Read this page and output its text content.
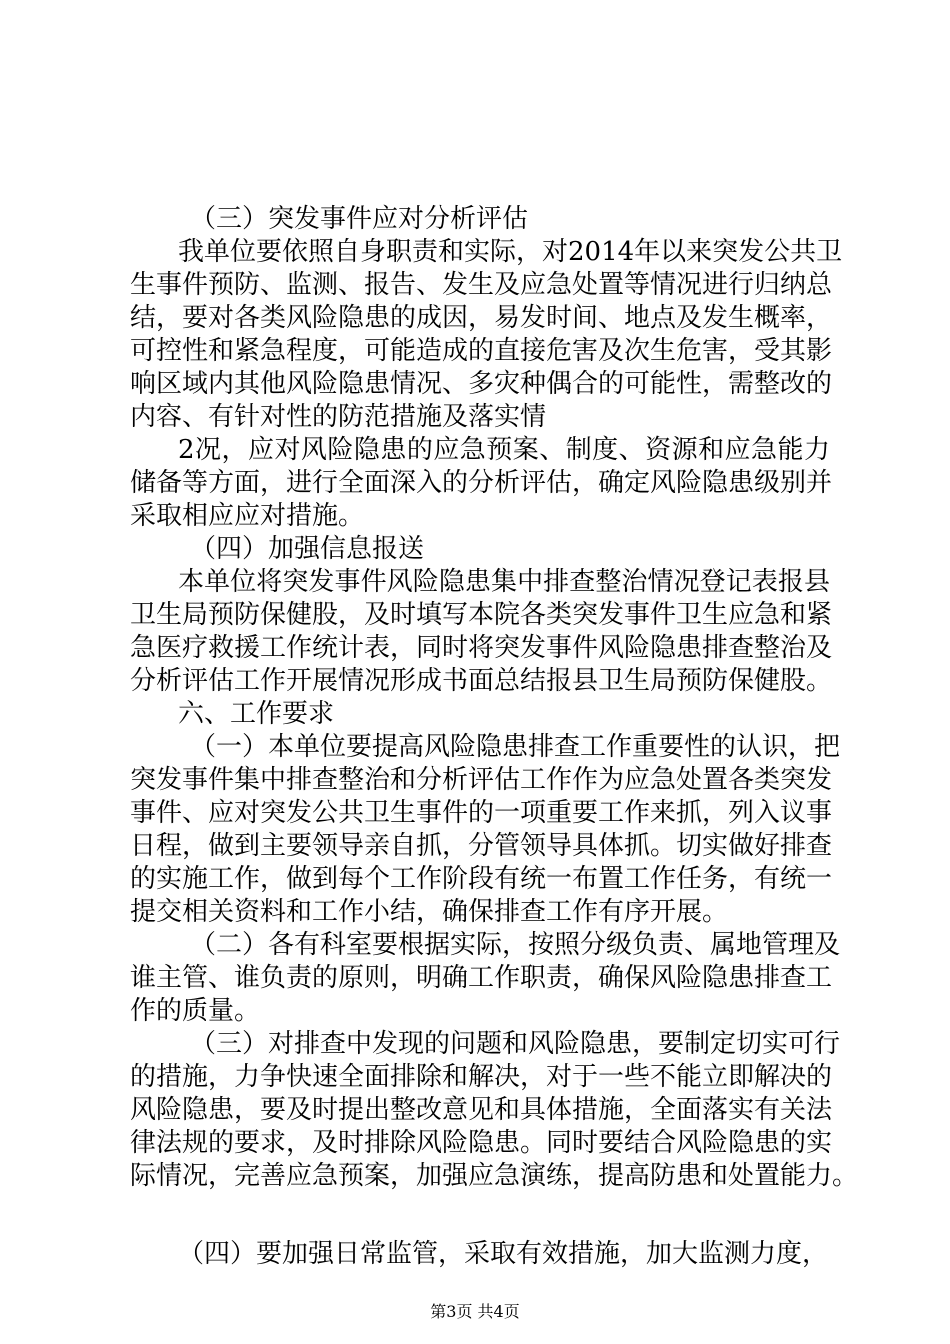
（三）突发事件应对分析评估
我单位要依照自身职责和实际，对2014年以来突发公共卫
生事件预防、监测、报告、发生及应急处置等情况进行归纳总
结，要对各类风险隐患的成因，易发时间、地点及发生概率，
可控性和紧急程度，可能造成的直接危害及次生危害，受其影
响区域内其他风险隐患情况、多灾种偶合的可能性，需整改的
内容、有针对性的防范措施及落实情
2况，应对风险隐患的应急预案、制度、资源和应急能力
储备等方面，进行全面深入的分析评估，确定风险隐患级别并
采取相应应对措施。
（四）加强信息报送
本单位将突发事件风险隐患集中排查整治情况登记表报县
卫生局预防保健股，及时填写本院各类突发事件卫生应急和紧
急医疗救援工作统计表，同时将突发事件风险隐患排查整治及
分析评估工作开展情况形成书面总结报县卫生局预防保健股。
六、工作要求
（一）本单位要提高风险隐患排查工作重要性的认识，把
突发事件集中排查整治和分析评估工作作为应急处置各类突发
事件、应对突发公共卫生事件的一项重要工作来抓，列入议事
日程，做到主要领导亲自抓，分管领导具体抓。切实做好排查
的实施工作，做到每个工作阶段有统一布置工作任务，有统一
提交相关资料和工作小结，确保排查工作有序开展。
（二）各有科室要根据实际，按照分级负责、属地管理及
谁主管、谁负责的原则，明确工作职责，确保风险隐患排查工
作的质量。
（三）对排查中发现的问题和风险隐患，要制定切实可行
的措施，力争快速全面排除和解决，对于一些不能立即解决的
风险隐患，要及时提出整改意见和具体措施，全面落实有关法
律法规的要求，及时排除风险隐患。同时要结合风险隐患的实
际情况，完善应急预案，加强应急演练，提高防患和处置能力。
（四）要加强日常监管，采取有效措施，加大监测力度，
第3页 共4页
